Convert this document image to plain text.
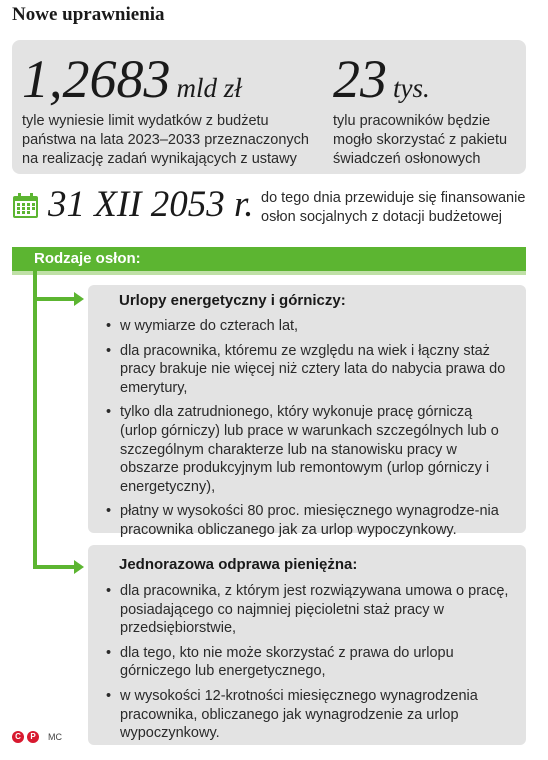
Nowe uprawnienia
1,2683 mld zł
tyle wyniesie limit wydatków z budżetu
państwa na lata 2023–2033 przeznaczonych
na realizację zadań wynikających z ustawy
23 tys.
tylu pracowników będzie
mogło skorzystać z pakietu
świadczeń osłonowych
31 XII 2053 r. do tego dnia przewiduje się finansowanie
osłon socjalnych z dotacji budżetowej
Rodzaje osłon:
Urlopy energetyczny i górniczy:
• w wymiarze do czterach lat,
• dla pracownika, któremu ze względu na wiek i łączny staż pracy brakuje nie więcej niż cztery lata do nabycia prawa do emerytury,
• tylko dla zatrudnionego, który wykonuje pracę górniczą (urlop górniczy) lub prace w warunkach szczególnych lub o szczególnym charakterze lub na stanowisku pracy w obszarze produkcyjnym lub remontowym (urlop górniczy i energetyczny),
• płatny w wysokości 80 proc. miesięcznego wynagrodze-nia pracownika obliczanego jak za urlop wypoczynkowy.
Jednorazowa odprawa pieniężna:
• dla pracownika, z którym jest rozwiązywana umowa o pracę, posiadającego co najmniej pięcioletni staż pracy w przedsiębiorstwie,
• dla tego, kto nie może skorzystać z prawa do urlopu górniczego lub energetycznego,
• w wysokości 12-krotności miesięcznego wynagrodzenia pracownika, obliczanego jak wynagrodzenie za urlop wypoczynkowy.
C	P	MC
